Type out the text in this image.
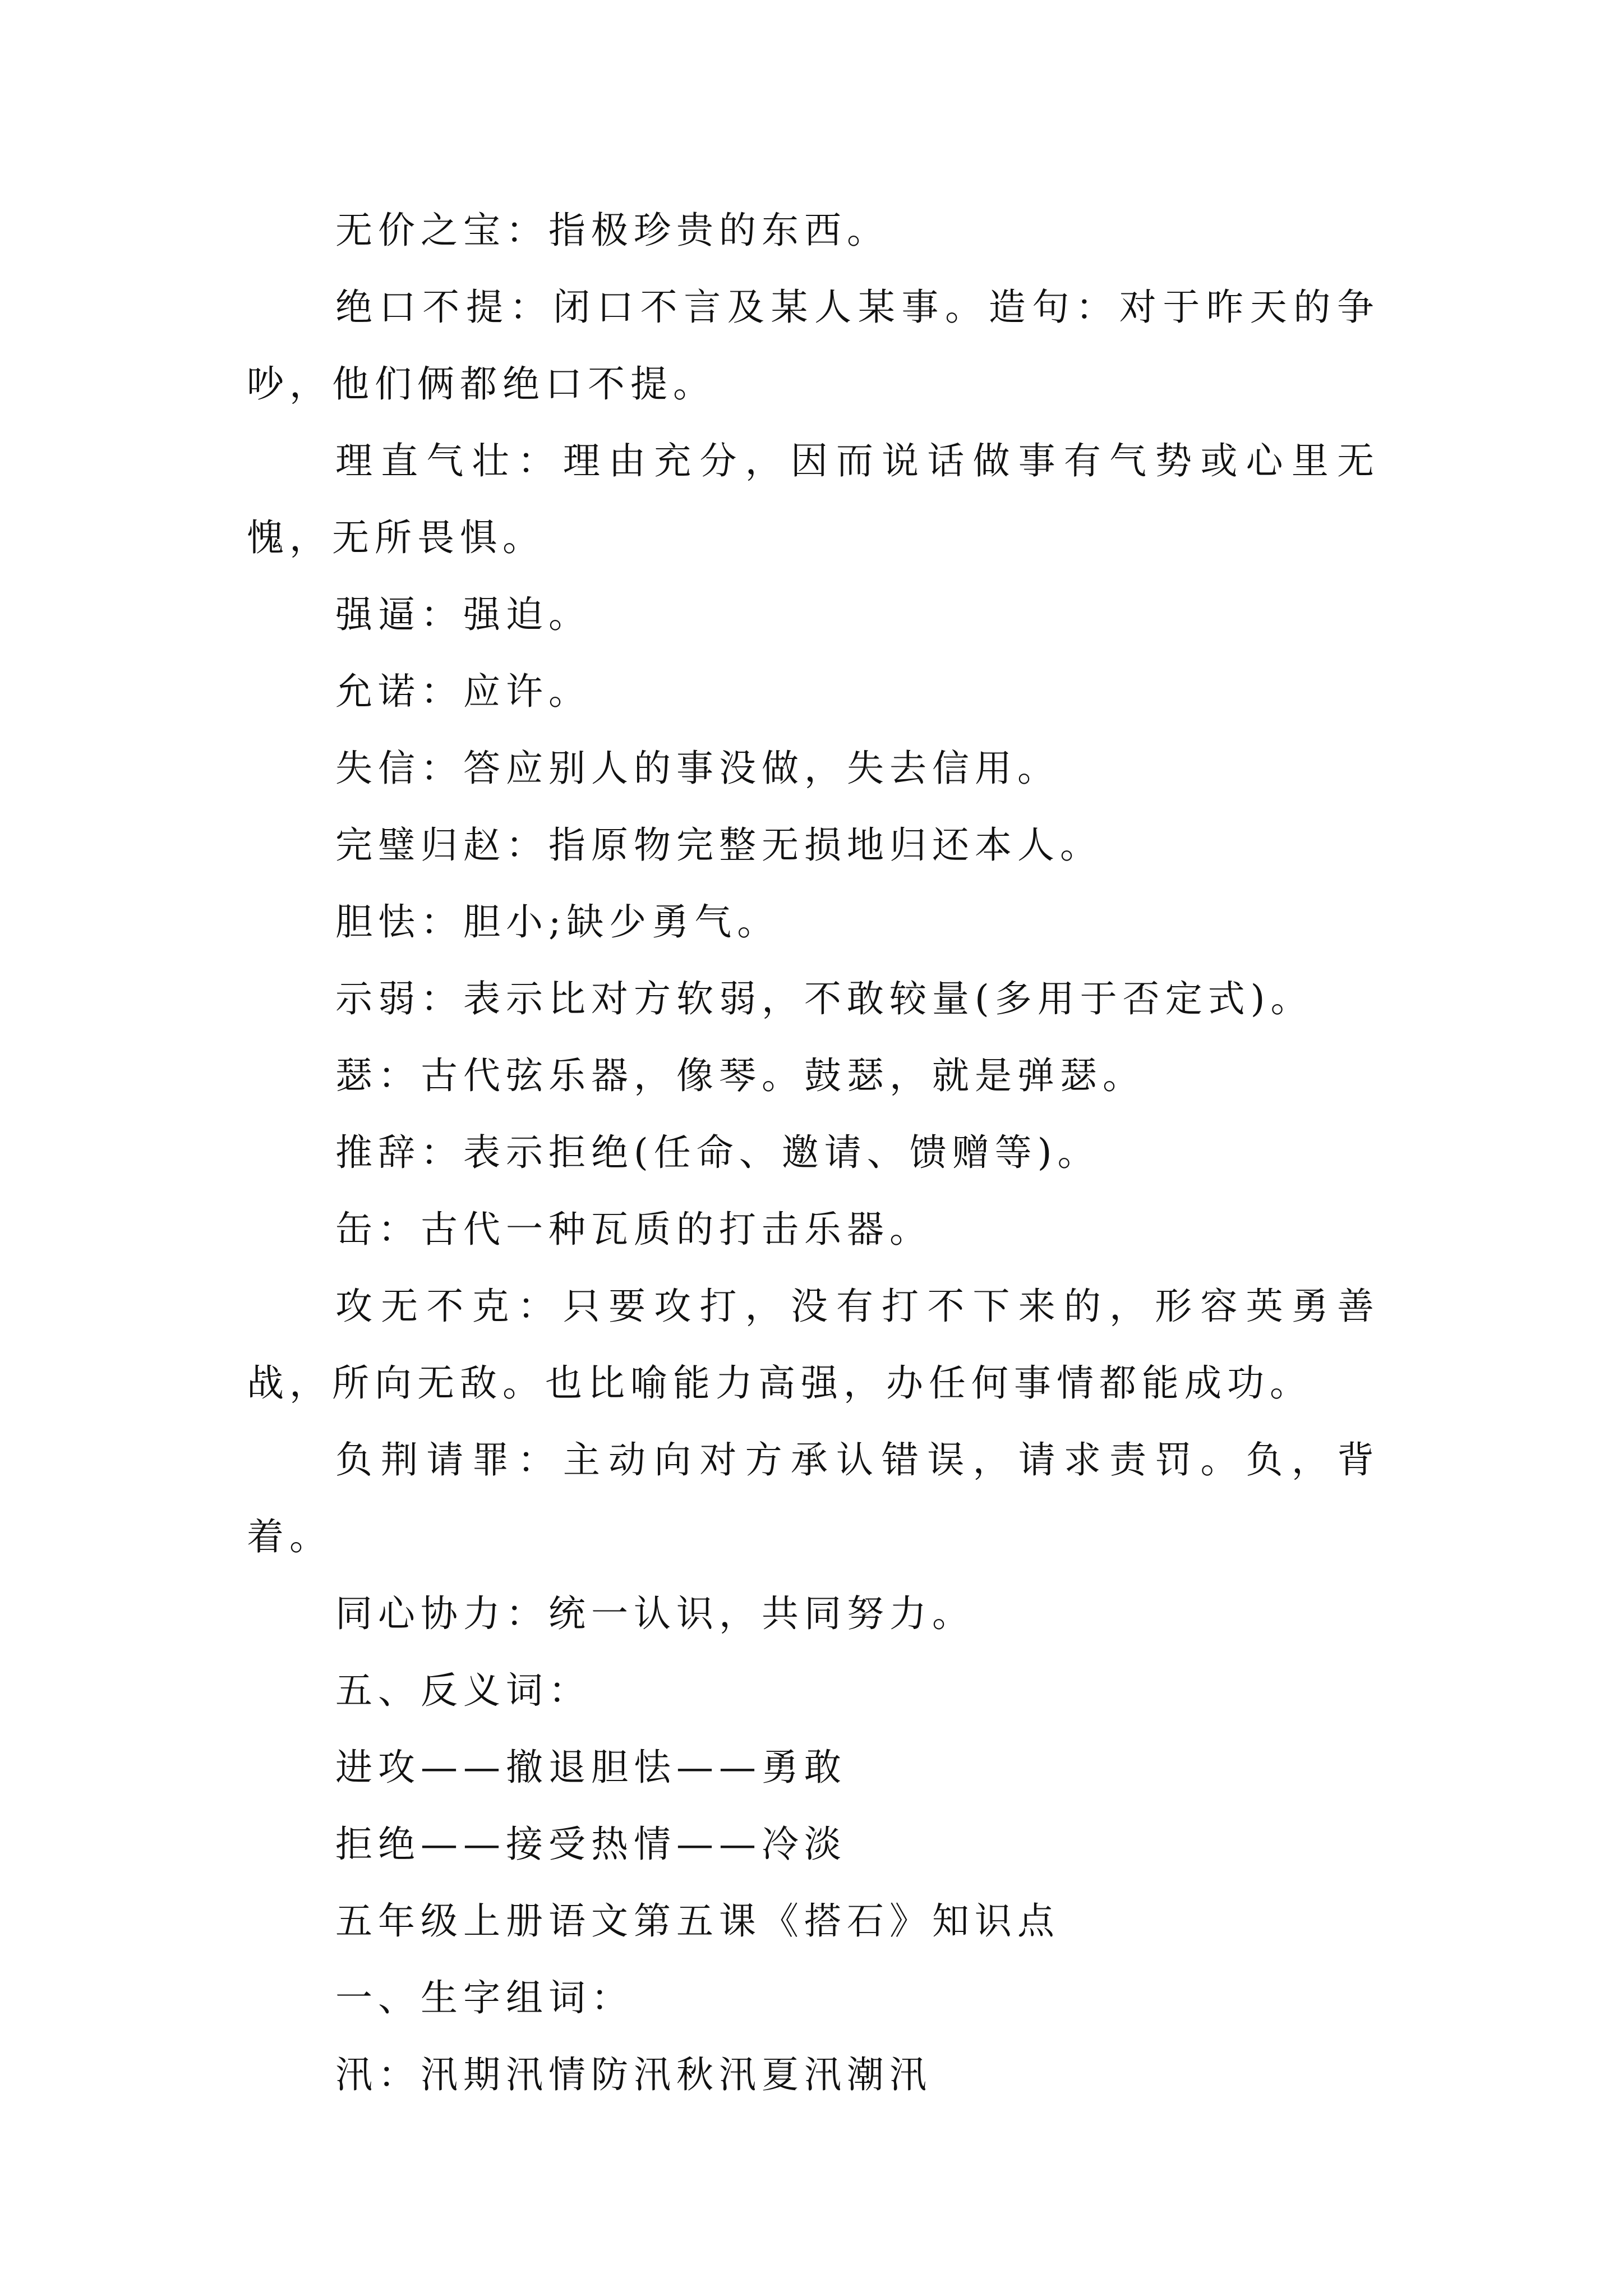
无价之宝：指极珍贵的东西。

绝口不提：闭口不言及某人某事。造句：对于昨天的争吵，他们俩都绝口不提。

理直气壮：理由充分，因而说话做事有气势或心里无愧，无所畏惧。

强逼：强迫。

允诺：应许。

失信：答应别人的事没做，失去信用。

完璧归赵：指原物完整无损地归还本人。

胆怯：胆小;缺少勇气。

示弱：表示比对方软弱，不敢较量(多用于否定式)。

瑟：古代弦乐器，像琴。鼓瑟，就是弹瑟。

推辞：表示拒绝(任命、邀请、馈赠等)。

缶：古代一种瓦质的打击乐器。

攻无不克：只要攻打，没有打不下来的，形容英勇善战，所向无敌。也比喻能力高强，办任何事情都能成功。

负荆请罪：主动向对方承认错误，请求责罚。负，背着。

同心协力：统一认识，共同努力。

五、反义词：

进攻——撤退胆怯——勇敢

拒绝——接受热情——冷淡

五年级上册语文第五课《搭石》知识点

一、生字组词：

汛：汛期汛情防汛秋汛夏汛潮汛
